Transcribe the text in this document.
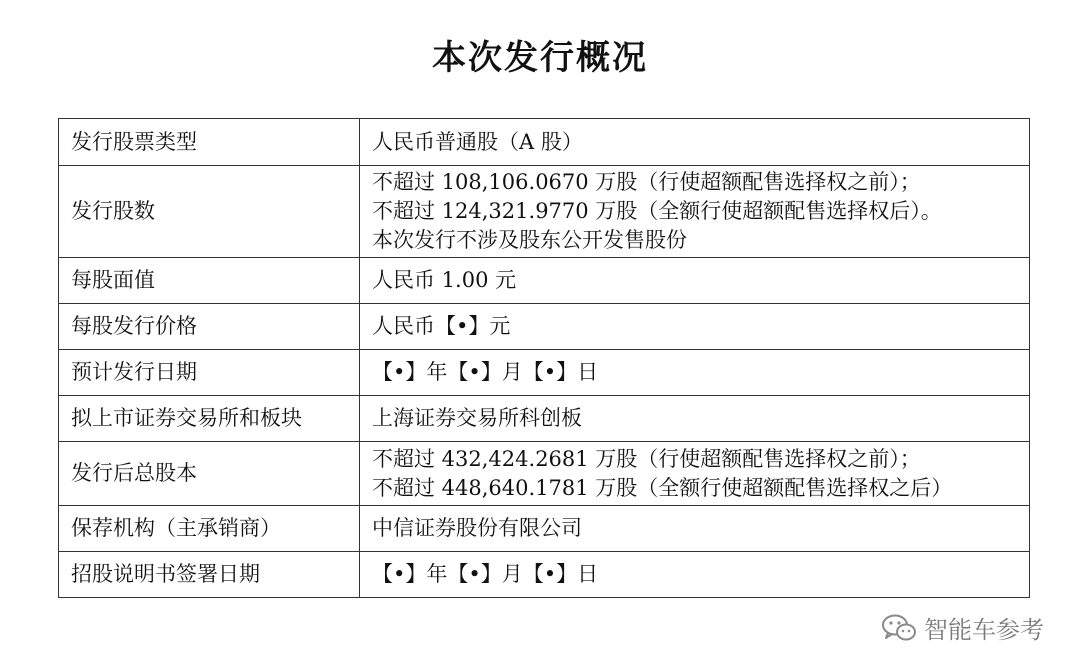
本次发行概况
发行股票类型	人民币普通股（A 股）

发行股数	不超过 108,106.0670 万股（行使超额配售选择权之前）；
不超过 124,321.9770 万股（全额行使超额配售选择权后）。
本次发行不涉及股东公开发售股份

每股面值	人民币 1.00 元

每股发行价格	人民币【•】元

预计发行日期	【•】年【•】月【•】日

拟上市证券交易所和板块	上海证券交易所科创板

发行后总股本	不超过 432,424.2681 万股（行使超额配售选择权之前）；
不超过 448,640.1781 万股（全额行使超额配售选择权之后）

保荐机构（主承销商）	中信证券股份有限公司

招股说明书签署日期	【•】年【•】月【•】日
智能车参考
